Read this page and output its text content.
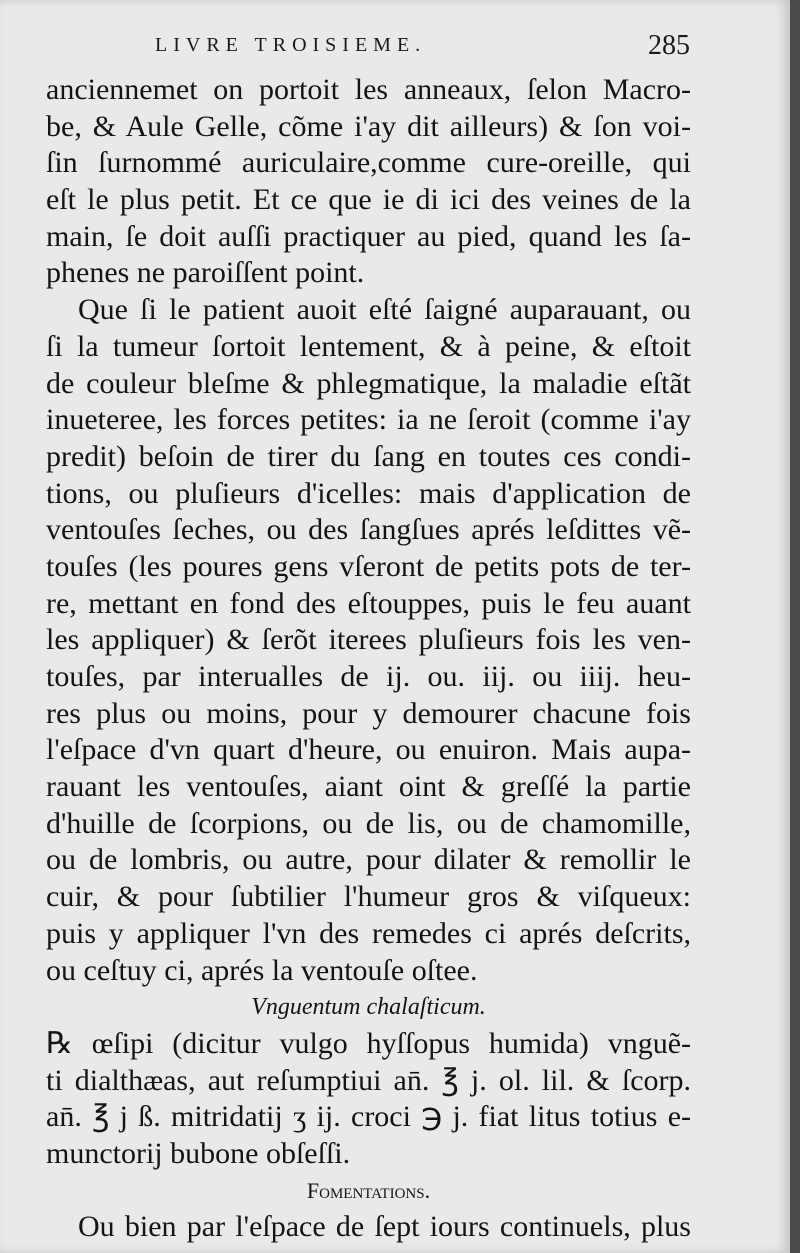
LIVRE TROISIEME.	285
anciennemet on portoit les anneaux, ſelon Macro-
be, & Aule Gelle, cõme i'ay dit ailleurs) & ſon voi-
ſin ſurnommé auriculaire,comme cure-oreille, qui
eſt le plus petit. Et ce que ie di ici des veines de la
main, ſe doit auſſi practiquer au pied, quand les ſa-
phenes ne paroiſſent point.
Que ſi le patient auoit eſté ſaigné auparauant, ou
ſi la tumeur ſortoit lentement, & à peine, & eſtoit
de couleur bleſme & phlegmatique, la maladie eſtãt
inueteree, les forces petites: ia ne ſeroit (comme i'ay
predit) beſoin de tirer du ſang en toutes ces condi-
tions, ou pluſieurs d'icelles: mais d'application de
ventouſes ſeches, ou des ſangſues aprés leſdittes vẽ-
touſes (les poures gens vſeront de petits pots de ter-
re, mettant en fond des eſtouppes, puis le feu auant
les appliquer) & ſerõt iterees pluſieurs fois les ven-
touſes, par interualles de ij. ou. iij. ou iiij. heu-
res plus ou moins, pour y demourer chacune fois
l'eſpace d'vn quart d'heure, ou enuiron. Mais aupa-
rauant les ventouſes, aiant oint & greſſé la partie
d'huille de ſcorpions, ou de lis, ou de chamomille,
ou de lombris, ou autre, pour dilater & remollir le
cuir, & pour ſubtilier l'humeur gros & viſqueux:
puis y appliquer l'vn des remedes ci aprés deſcrits,
ou ceſtuy ci, aprés la ventouſe oſtee.
Vnguentum chalaſticum.
℞ œſipi (dicitur vulgo hyſſopus humida) vnguẽ-
ti dialthæas, aut reſumptiui an̄. ℥ j. ol. lil. & ſcorp.
an̄. ℥ j ß. mitridatij ʒ ij. croci ℈ j. fiat litus totius e-
munctorij bubone obſeſſi.
Fomentations.
Ou bien par l'eſpace de ſept iours continuels, plus
